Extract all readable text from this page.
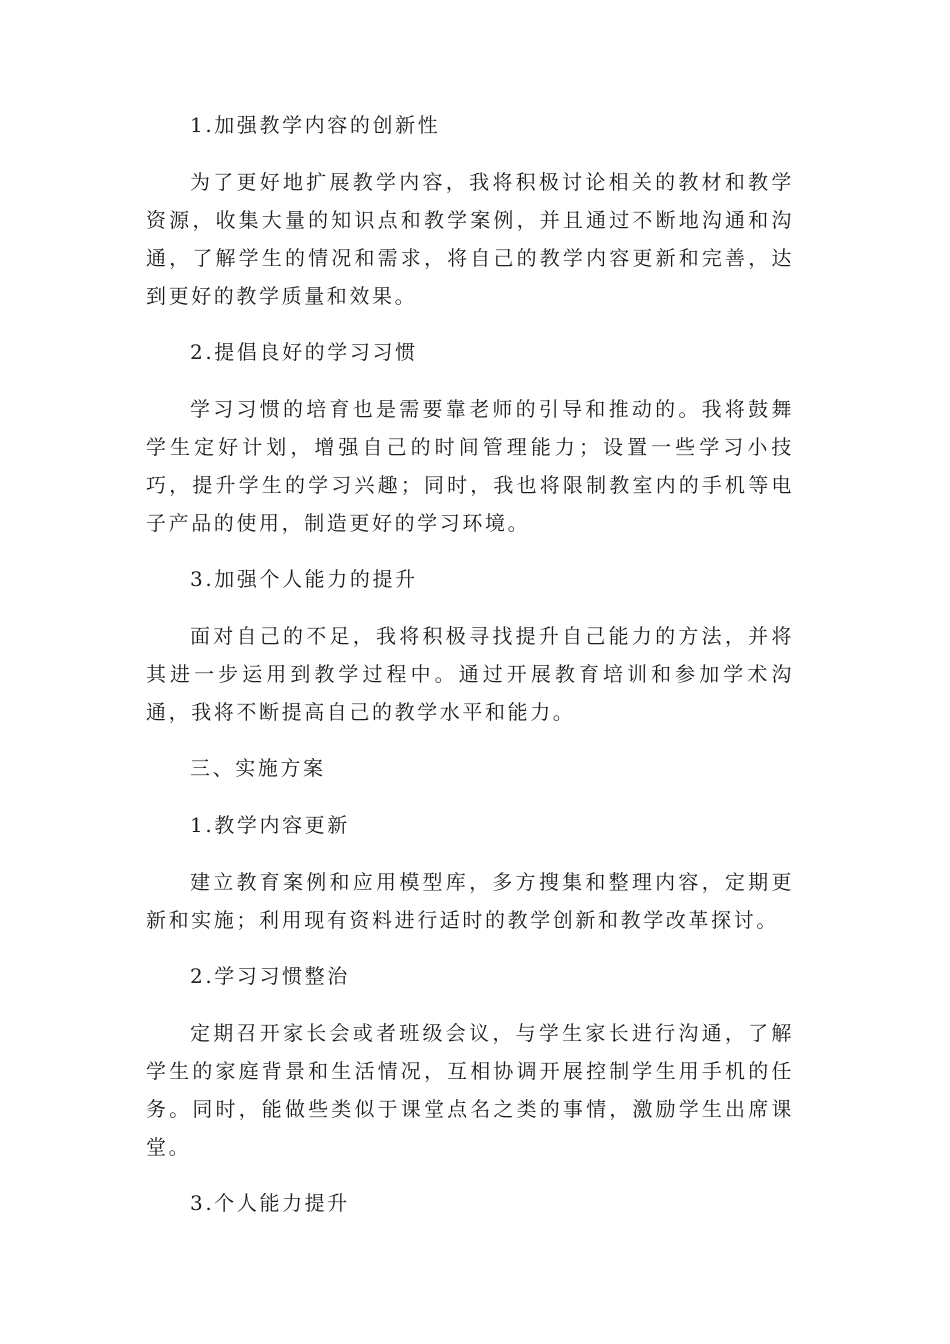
1.加强教学内容的创新性
为了更好地扩展教学内容，我将积极讨论相关的教材和教学资源，收集大量的知识点和教学案例，并且通过不断地沟通和沟通，了解学生的情况和需求，将自己的教学内容更新和完善，达到更好的教学质量和效果。
2.提倡良好的学习习惯
学习习惯的培育也是需要靠老师的引导和推动的。我将鼓舞学生定好计划，增强自己的时间管理能力；设置一些学习小技巧，提升学生的学习兴趣；同时，我也将限制教室内的手机等电子产品的使用，制造更好的学习环境。
3.加强个人能力的提升
面对自己的不足，我将积极寻找提升自己能力的方法，并将其进一步运用到教学过程中。通过开展教育培训和参加学术沟通，我将不断提高自己的教学水平和能力。
三、实施方案
1.教学内容更新
建立教育案例和应用模型库，多方搜集和整理内容，定期更新和实施；利用现有资料进行适时的教学创新和教学改革探讨。
2.学习习惯整治
定期召开家长会或者班级会议，与学生家长进行沟通，了解学生的家庭背景和生活情况，互相协调开展控制学生用手机的任务。同时，能做些类似于课堂点名之类的事情，激励学生出席课堂。
3.个人能力提升
